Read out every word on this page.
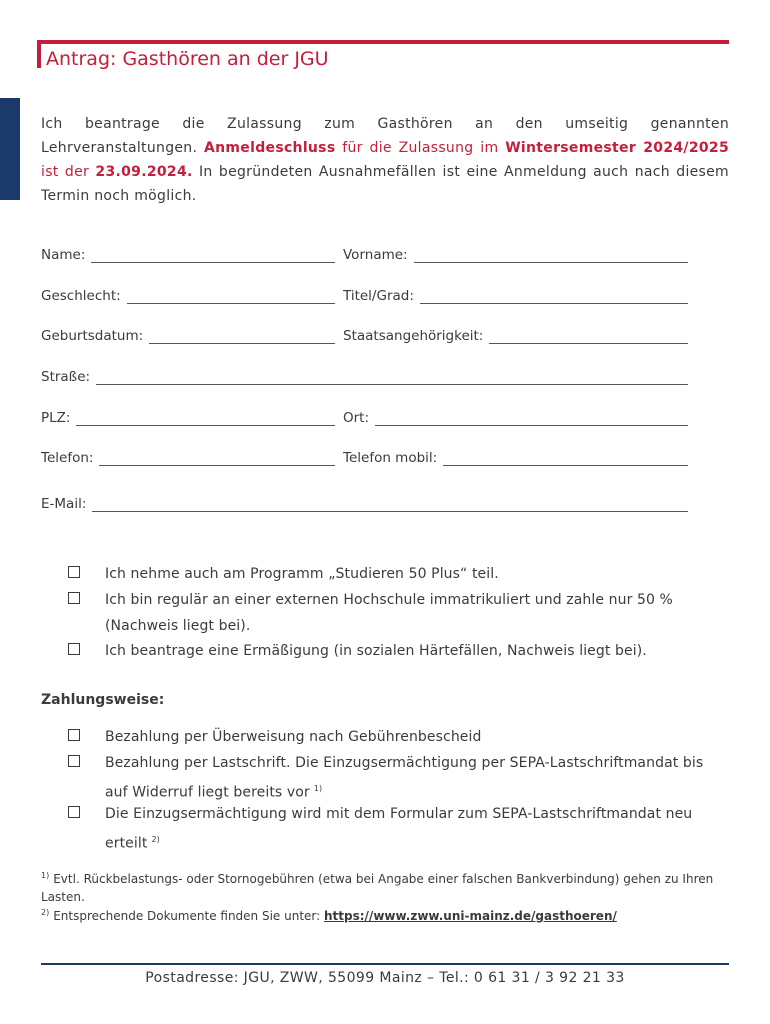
Antrag: Gasthören an der JGU

Ich beantrage die Zulassung zum Gasthören an den umseitig genannten Lehrveranstaltungen. Anmeldeschluss für die Zulassung im Wintersemester 2024/2025 ist der 23.09.2024. In begründeten Ausnahmefällen ist eine Anmeldung auch nach diesem Termin noch möglich.

Name:	Vorname:
Geschlecht:	Titel/Grad:
Geburtsdatum:	Staatsangehörigkeit:
Straße:
PLZ:	Ort:
Telefon:	Telefon mobil:
E-Mail:
Ich nehme auch am Programm „Studieren 50 Plus“ teil.
Ich bin regulär an einer externen Hochschule immatrikuliert und zahle nur 50 % (Nachweis liegt bei).
Ich beantrage eine Ermäßigung (in sozialen Härtefällen, Nachweis liegt bei).
Zahlungsweise:
Bezahlung per Überweisung nach Gebührenbescheid
Bezahlung per Lastschrift. Die Einzugsermächtigung per SEPA-Lastschriftmandat bis auf Widerruf liegt bereits vor $^{1)}$
Die Einzugsermächtigung wird mit dem Formular zum SEPA-Lastschriftmandat neu erteilt $^{2)}$
$^{1)}$ Evtl. Rückbelastungs- oder Stornogebühren (etwa bei Angabe einer falschen Bankverbindung) gehen zu Ihren Lasten.
$^{2)}$ Entsprechende Dokumente finden Sie unter: https://www.zww.uni-mainz.de/gasthoeren/
Postadresse: JGU, ZWW, 55099 Mainz – Tel.: 0 61 31 / 3 92 21 33
